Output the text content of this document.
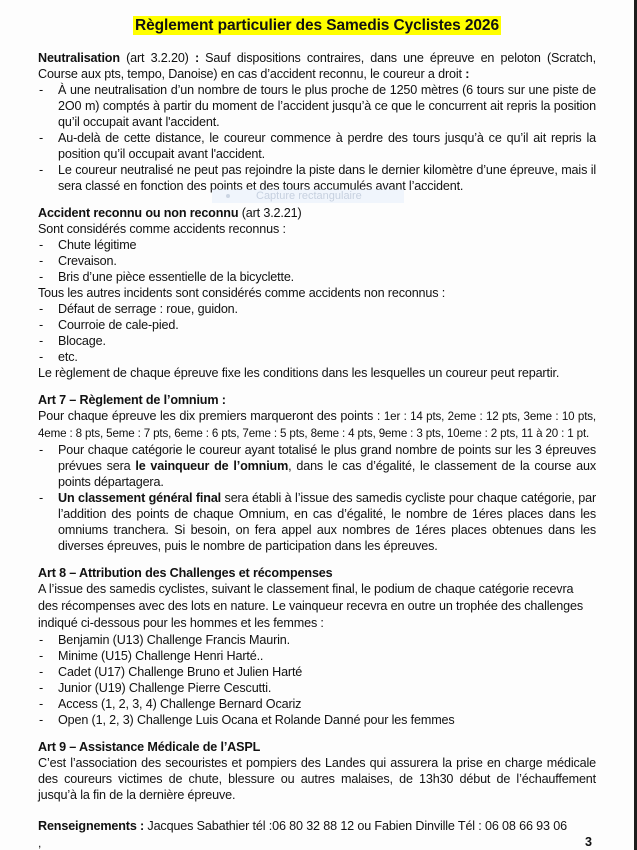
Règlement particulier des Samedis Cyclistes 2026

Neutralisation (art 3.2.20) : Sauf dispositions contraires, dans une épreuve en peloton (Scratch, Course aux pts, tempo, Danoise) en cas d’accident reconnu, le coureur a droit :

- À une neutralisation d’un nombre de tours le plus proche de 1250 mètres (6 tours sur une piste de 2O0 m) comptés à partir du moment de l’accident jusqu’à ce que le concurrent ait repris la position qu’il occupait avant l'accident.
- Au-delà de cette distance, le coureur commence à perdre des tours jusqu’à ce qu’il ait repris la position qu’il occupait avant l'accident.
- Le coureur neutralisé ne peut pas rejoindre la piste dans le dernier kilomètre d’une épreuve, mais il sera classé en fonction des points et des tours accumulés avant l’accident.

Accident reconnu ou non reconnu (art 3.2.21)

Sont considérés comme accidents reconnus :

- Chute légitime
- Crevaison.
- Bris d’une pièce essentielle de la bicyclette.

Tous les autres incidents sont considérés comme accidents non reconnus :

- Défaut de serrage : roue, guidon.
- Courroie de cale-pied.
- Blocage.
- etc.

Le règlement de chaque épreuve fixe les conditions dans les lesquelles un coureur peut repartir.

Art 7 – Règlement de l’omnium :

Pour chaque épreuve les dix premiers marqueront des points : 1er : 14 pts, 2eme : 12 pts, 3eme : 10 pts, 4eme : 8 pts, 5eme : 7 pts, 6eme : 6 pts, 7eme : 5 pts, 8eme : 4 pts, 9eme : 3 pts, 10eme : 2 pts, 11 à 20 : 1 pt.

- Pour chaque catégorie le coureur ayant totalisé le plus grand nombre de points sur les 3 épreuves prévues sera le vainqueur de l’omnium, dans le cas d’égalité, le classement de la course aux points départagera.
- Un classement général final sera établi à l’issue des samedis cycliste pour chaque catégorie, par l’addition des points de chaque Omnium, en cas d’égalité, le nombre de 1éres places dans les omniums tranchera. Si besoin, on fera appel aux nombres de 1éres places obtenues dans les diverses épreuves, puis le nombre de participation dans les épreuves.

Art 8 – Attribution des Challenges et récompenses

A l’issue des samedis cyclistes, suivant le classement final, le podium de chaque catégorie recevra des récompenses avec des lots en nature. Le vainqueur recevra en outre un trophée des challenges indiqué ci-dessous pour les hommes et les femmes :

- Benjamin (U13) Challenge Francis Maurin.
- Minime (U15) Challenge Henri Harté..
- Cadet (U17) Challenge Bruno et Julien Harté
- Junior (U19) Challenge Pierre Cescutti.
- Access (1, 2, 3, 4) Challenge Bernard Ocariz
- Open (1, 2, 3) Challenge Luis Ocana et Rolande Danné pour les femmes

Art 9 – Assistance Médicale de l’ASPL

C’est l’association des secouristes et pompiers des Landes qui assurera la prise en charge médicale des coureurs victimes de chute, blessure ou autres malaises, de 13h30 début de l’échauffement jusqu’à la fin de la dernière épreuve.

Renseignements : Jacques Sabathier tél :06 80 32 88 12 ou Fabien Dinville Tél : 06 08 66 93 06

,	3
Capture rectangulaire
